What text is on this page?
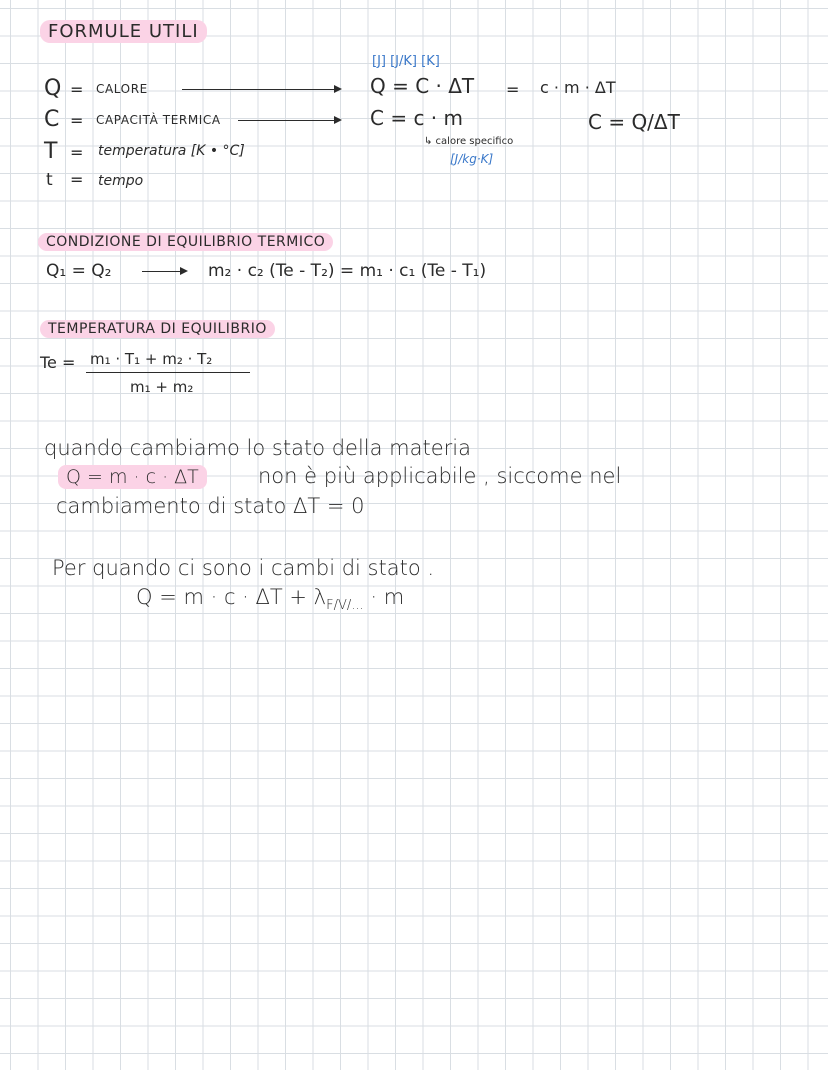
FORMULE UTILI
Q = CALORE
C = CAPACITÀ TERMICA
T = temperatura [K • °C]
t = tempo
[J] [J/K] [K]
Q = C · ΔT = c · m · ΔT
C = c · m	C = Q/ΔT
↳ calore specifico
[J/kg·K]
CONDIZIONE DI EQUILIBRIO TERMICO
Q₁ = Q₂	m₂ · c₂ (Te - T₂) = m₁ · c₁ (Te - T₁)
TEMPERATURA DI EQUILIBRIO
Te = m₁ · T₁ + m₂ · T₂
m₁ + m₂
quando cambiamo lo stato della materia
Q = m · c · ΔT	non è più applicabile , siccome nel
cambiamento di stato ΔT = 0
Per quando ci sono i cambi di stato .
$Q = m \cdot c \cdot \Delta T + \lambda_{F/V/...} \cdot m$
